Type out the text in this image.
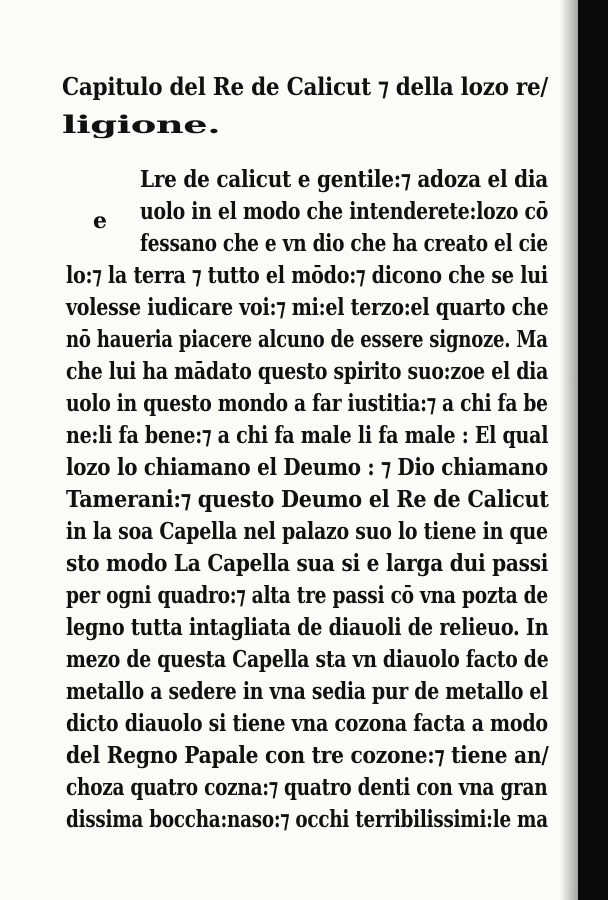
Capitulo del Re de Calicut ⁊ della lozo re/
ligione.
e
Lre de calicut e gentile:⁊ adoza el dia
uolo in el modo che intenderete:lozo cō
fessano che e vn dio che ha creato el cie
lo:⁊ la terra ⁊ tutto el mōdo:⁊ dicono che se lui
volesse iudicare voi:⁊ mi:el terzo:el quarto che
nō haueria piacere alcuno de essere signoze. Ma
che lui ha mādato questo spirito suo:zoe el dia
uolo in questo mondo a far iustitia:⁊ a chi fa be
ne:li fa bene:⁊ a chi fa male li fa male : El qual
lozo lo chiamano el Deumo : ⁊ Dio chiamano
Tamerani:⁊ questo Deumo el Re de Calicut
in la soa Capella nel palazo suo lo tiene in que
sto modo La Capella sua si e larga dui passi
per ogni quadro:⁊ alta tre passi cō vna pozta de
legno tutta intagliata de diauoli de relieuo. In
mezo de questa Capella sta vn diauolo facto de
metallo a sedere in vna sedia pur de metallo el
dicto diauolo si tiene vna cozona facta a modo
del Regno Papale con tre cozone:⁊ tiene an/
choza quatro cozna:⁊ quatro denti con vna gran
dissima boccha:naso:⁊ occhi terribilissimi:le ma
